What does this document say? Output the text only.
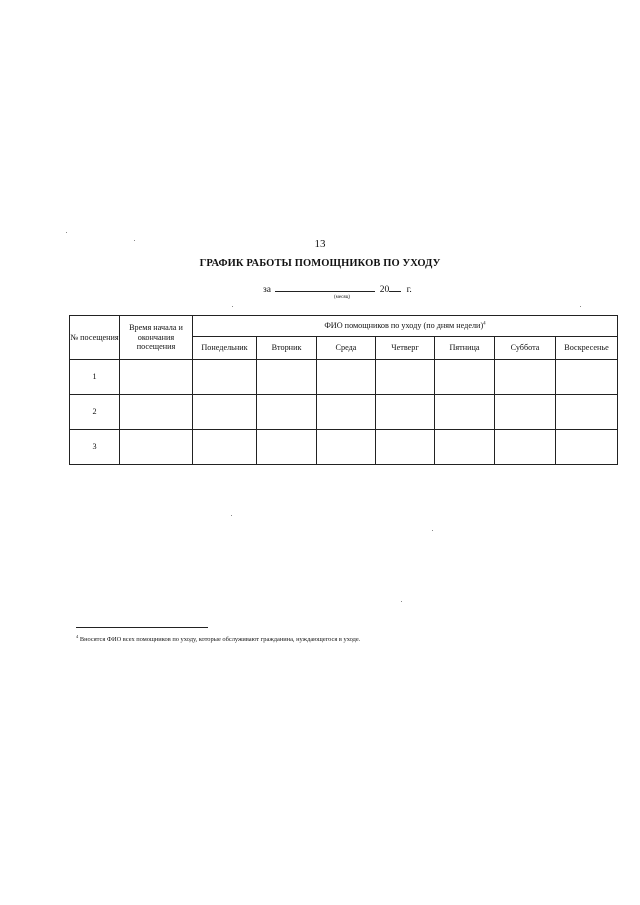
13
ГРАФИК РАБОТЫ ПОМОЩНИКОВ ПО УХОДУ
за	20 г.
(месяц)
№ посещения	Время начала и окончания посещения	ФИО помощников по уходу (по дням недели)$^4$
		Понедельник	Вторник	Среда	Четверг	Пятница	Суббота	Воскресенье
1								
2								
3								
$^4$ Вносятся ФИО всех помощников по уходу, которые обслуживают гражданина, нуждающегося в уходе.
